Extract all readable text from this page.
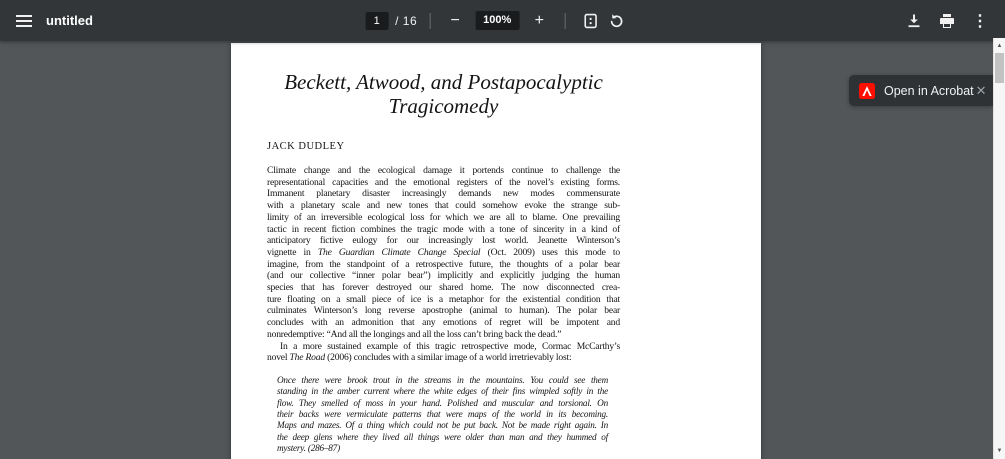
untitled
1	/ 16 −	100%	+	⋮
Beckett, Atwood, and Postapocalyptic
Tragicomedy
JACK DUDLEY
Climate change and the ecological damage it portends continue to challenge the
representational capacities and the emotional registers of the novel’s existing forms.
Immanent planetary disaster increasingly demands new modes commensurate
with a planetary scale and new tones that could somehow evoke the strange sub-
limity of an irreversible ecological loss for which we are all to blame. One prevailing
tactic in recent fiction combines the tragic mode with a tone of sincerity in a kind of
anticipatory fictive eulogy for our increasingly lost world. Jeanette Winterson’s
vignette in The Guardian Climate Change Special (Oct. 2009) uses this mode to
imagine, from the standpoint of a retrospective future, the thoughts of a polar bear
(and our collective “inner polar bear”) implicitly and explicitly judging the human
species that has forever destroyed our shared home. The now disconnected crea-
ture floating on a small piece of ice is a metaphor for the existential condition that
culminates Winterson’s long reverse apostrophe (animal to human). The polar bear
concludes with an admonition that any emotions of regret will be impotent and
nonredemptive: “And all the longings and all the loss can’t bring back the dead.”
In a more sustained example of this tragic retrospective mode, Cormac McCarthy’s
novel The Road (2006) concludes with a similar image of a world irretrievably lost:
Once there were brook trout in the streams in the mountains. You could see them
standing in the amber current where the white edges of their fins wimpled softly in the
flow. They smelled of moss in your hand. Polished and muscular and torsional. On
their backs were vermiculate patterns that were maps of the world in its becoming.
Maps and mazes. Of a thing which could not be put back. Not be made right again. In
the deep glens where they lived all things were older than man and they hummed of
mystery. (286–87)
Open in Acrobat ✕
▲
▼
